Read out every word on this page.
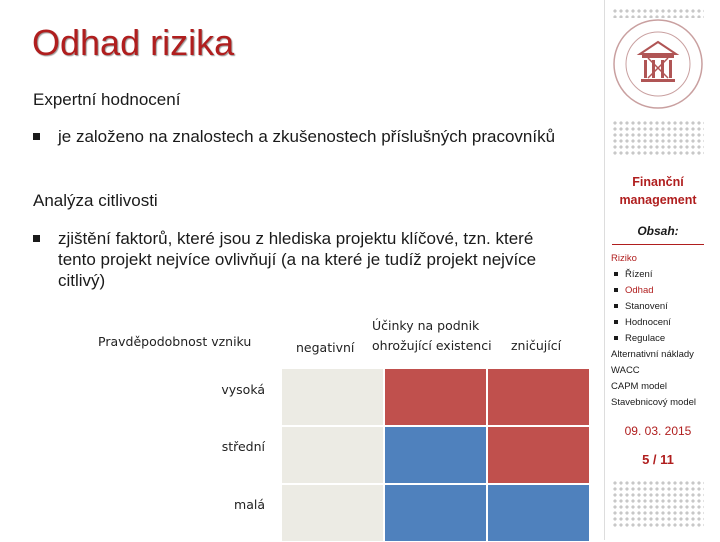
Odhad rizika
Expertní hodnocení
je založeno na znalostech a zkušenostech příslušných pracovníků
Analýza citlivosti
zjištění faktorů, které jsou z hlediska projektu klíčové, tzn. které tento projekt nejvíce ovlivňují (a na které je tudíž projekt nejvíce citlivý)
Pravděpodobnost vzniku
Účinky na podnik
negativní ohrožující existenci zničující
vysoká
střední
malá
Finanční
management
Obsah:
Riziko
Řízení
Odhad
Stanovení
Hodnocení
Regulace
Alternativní náklady
WACC
CAPM model
Stavebnicový model
09. 03. 2015
5 / 11
